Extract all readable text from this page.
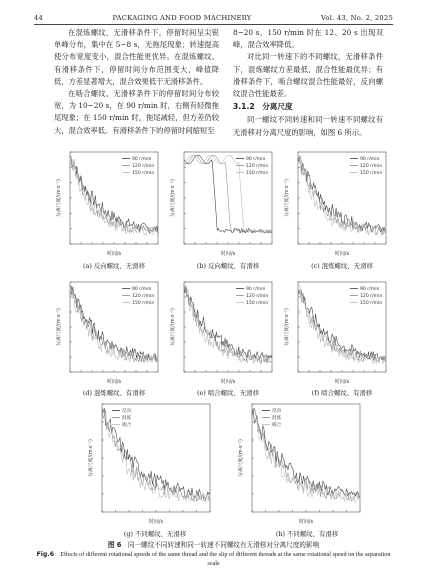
44	PACKAGING AND FOOD MACHINERY	Vol. 43, No. 2, 2025

在混炼螺纹、无滑移条件下，停留时间呈尖锐单峰分布，集中在 5~8 s，无拖尾现象；转速提高使分布宽度变小，混合性能更优异。在混炼螺纹、有滑移条件下，停留时间分布范围变大，峰值降低，方差显著增大，混合效果低于无滑移条件。

在啮合螺纹、无滑移条件下的停留时间分布较宽，为 10~20 s，在 90 r/min 时，右侧有轻微拖尾现象；在 150 r/min 时，拖尾减轻，但方差仍较大，混合效率低。有滑移条件下的停留时间缩短至

8~20 s，150 r/min 时在 12、20 s 出现双峰，混合效率降低。

对比同一转速下的不同螺纹，无滑移条件下，混炼螺纹方差最低，混合性能最优异；有滑移条件下，啮合螺纹混合性能最好，反向螺纹混合性能最差。

3.1.2　分离尺度

同一螺纹不同转速和同一转速不同螺纹有无滑移对分离尺度的影响，如图 6 所示。

分离尺度/(m·s⁻¹)
时间/s
90 r/min
120 r/min
150 r/min
分离尺度/(m·s⁻¹)
时间/s
90 r/min
120 r/min
150 r/min
分离尺度/(m·s⁻¹)
时间/s
90 r/min
120 r/min
150 r/min
分离尺度/(m·s⁻¹)
时间/s
90 r/min
120 r/min
150 r/min
分离尺度/(m·s⁻¹)
时间/s
90 r/min
120 r/min
150 r/min
分离尺度/(m·s⁻¹)
时间/s
90 r/min
120 r/min
150 r/min
分离尺度/(m·s⁻¹)
时间/s
反向
混炼
啮合
分离尺度/(m·s⁻¹)
时间/s
反向
混炼
啮合
(a) 反向螺纹、无滑移	(b) 反向螺纹、有滑移	(c) 混炼螺纹、无滑移
(d) 混炼螺纹、有滑移	(e) 啮合螺纹、无滑移	(f) 啮合螺纹、有滑移
(g) 不同螺纹、无滑移	(h) 不同螺纹、有滑移
图 6　 同一螺纹不同转速和同一转速不同螺纹有无滑移对分离尺度的影响
Fig.6　 Effects of different rotational speeds of the same thread and the slip of different threads at the same rotational speed on the separation scale
